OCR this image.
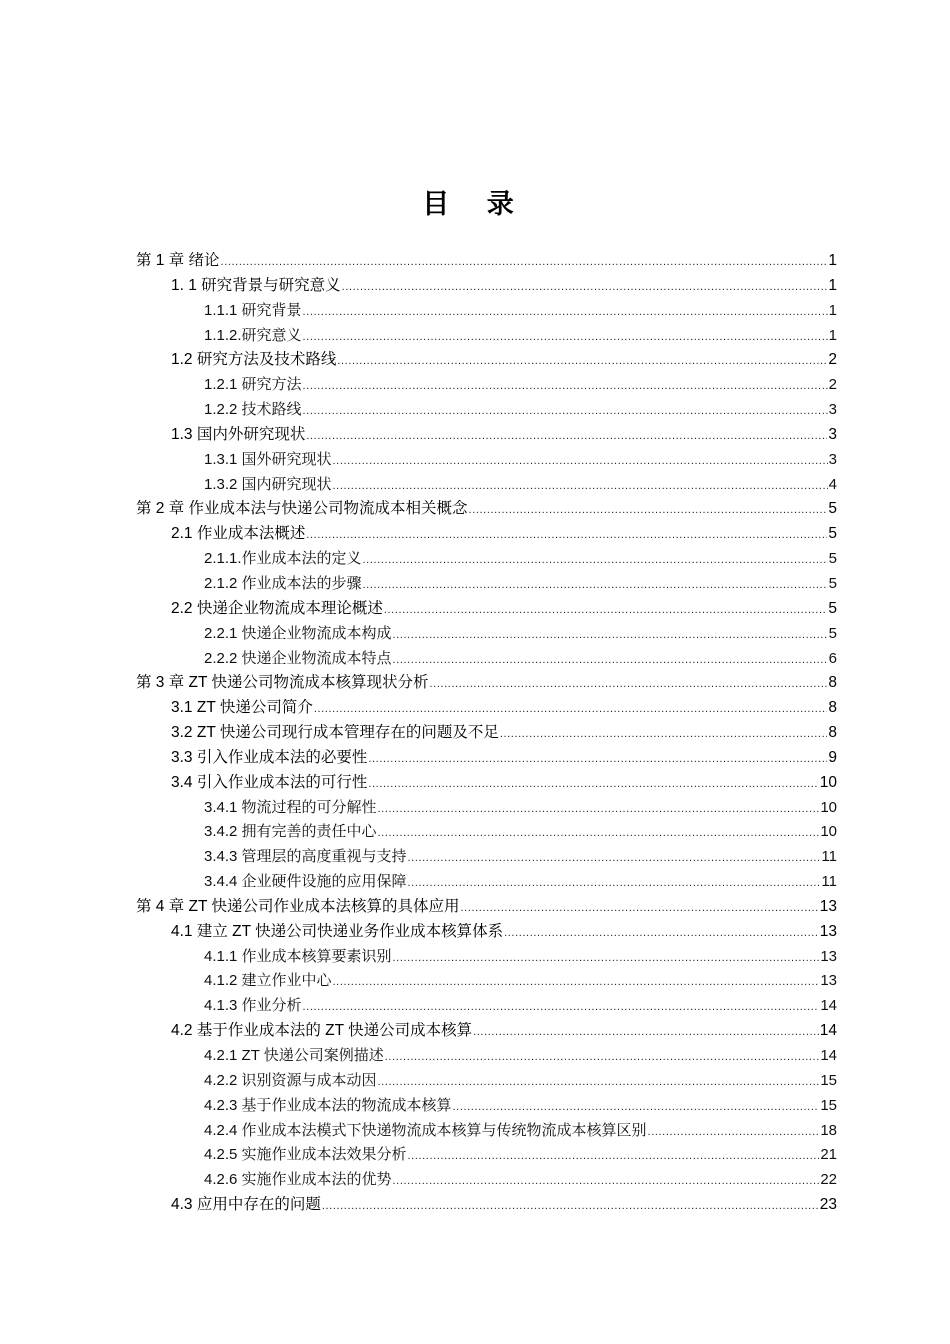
目 录
第 1 章 绪论 .....	1
1. 1 研究背景与研究意义 .....	1
1.1.1 研究背景 .....	1
1.1.2.研究意义 .....	1
1.2 研究方法及技术路线 .....	2
1.2.1 研究方法 .....	2
1.2.2 技术路线 .....	3
1.3 国内外研究现状 .....	3
1.3.1 国外研究现状 .....	3
1.3.2 国内研究现状 .....	4
第 2 章 作业成本法与快递公司物流成本相关概念 .....	5
2.1 作业成本法概述 .....	5
2.1.1.作业成本法的定义 .....	5
2.1.2 作业成本法的步骤 .....	5
2.2 快递企业物流成本理论概述 .....	5
2.2.1 快递企业物流成本构成 .....	5
2.2.2 快递企业物流成本特点 .....	6
第 3 章 ZT 快递公司物流成本核算现状分析 .....	8
3.1 ZT 快递公司简介 .....	8
3.2 ZT 快递公司现行成本管理存在的问题及不足 .....	8
3.3 引入作业成本法的必要性 .....	9
3.4 引入作业成本法的可行性 .....	10
3.4.1 物流过程的可分解性 .....	10
3.4.2 拥有完善的责任中心 .....	10
3.4.3 管理层的高度重视与支持 .....	11
3.4.4 企业硬件设施的应用保障 .....	11
第 4 章 ZT 快递公司作业成本法核算的具体应用 .....	13
4.1 建立 ZT 快递公司快递业务作业成本核算体系 .....	13
4.1.1 作业成本核算要素识别 .....	13
4.1.2 建立作业中心 .....	13
4.1.3 作业分析 .....	14
4.2 基于作业成本法的 ZT 快递公司成本核算 .....	14
4.2.1 ZT 快递公司案例描述 .....	14
4.2.2 识别资源与成本动因 .....	15
4.2.3 基于作业成本法的物流成本核算 .....	15
4.2.4 作业成本法模式下快递物流成本核算与传统物流成本核算区别 .....	18
4.2.5 实施作业成本法效果分析 .....	21
4.2.6 实施作业成本法的优势 .....	22
4.3 应用中存在的问题 .....	23
